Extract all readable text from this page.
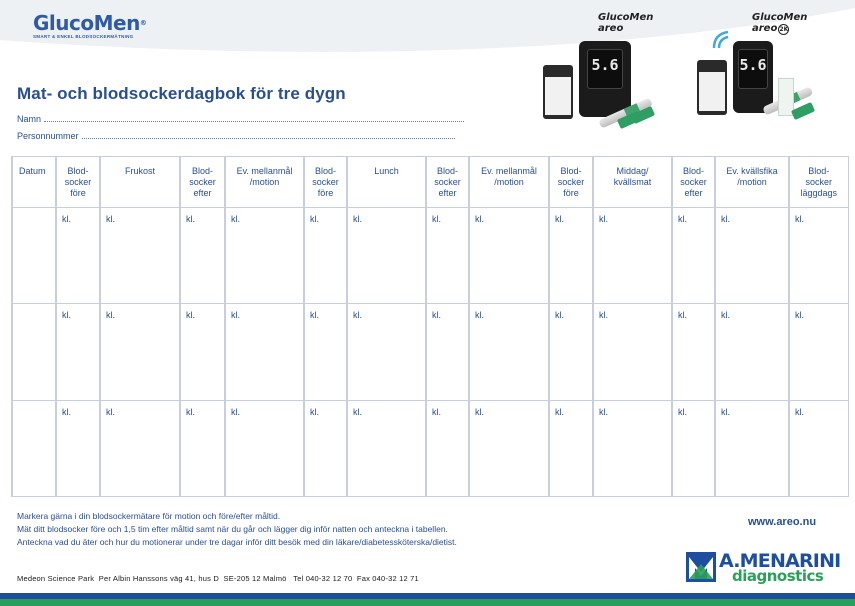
GlucoMen®
SMART & ENKEL BLODSOCKERMÄTNING
Mat- och blodsockerdagbok för tre dygn
Namn
Personnummer
GlucoMen areo
5.6
GlucoMen areo 2K
5.6
Datum	Blod-
socker
före	Frukost	Blod-
socker
efter	Ev. mellanmål
/motion	Blod-
socker
före	Lunch	Blod-
socker
efter	Ev. mellanmål
/motion	Blod-
socker
före	Middag/
kvällsmat	Blod-
socker
efter	Ev. kvällsfika
/motion	Blod-
socker
läggdags

	kl.	kl.	kl.	kl.	kl.	kl.	kl.	kl.	kl.	kl.	kl.	kl.	kl.
	kl.	kl.	kl.	kl.	kl.	kl.	kl.	kl.	kl.	kl.	kl.	kl.	kl.
	kl.	kl.	kl.	kl.	kl.	kl.	kl.	kl.	kl.	kl.	kl.	kl.	kl.
Markera gärna i din blodsockermätare för motion och före/efter måltid.
Mät ditt blodsocker före och 1,5 tim efter måltid samt när du går och lägger dig inför natten och anteckna i tabellen.
Anteckna vad du äter och hur du motionerar under tre dagar inför ditt besök med din läkare/diabetessköterska/dietist.
www.areo.nu
Medeon Science Park  Per Albin Hanssons väg 41, hus D  SE-205 12 Malmö   Tel 040-32 12 70  Fax 040-32 12 71
A.MENARINI
diagnostics
